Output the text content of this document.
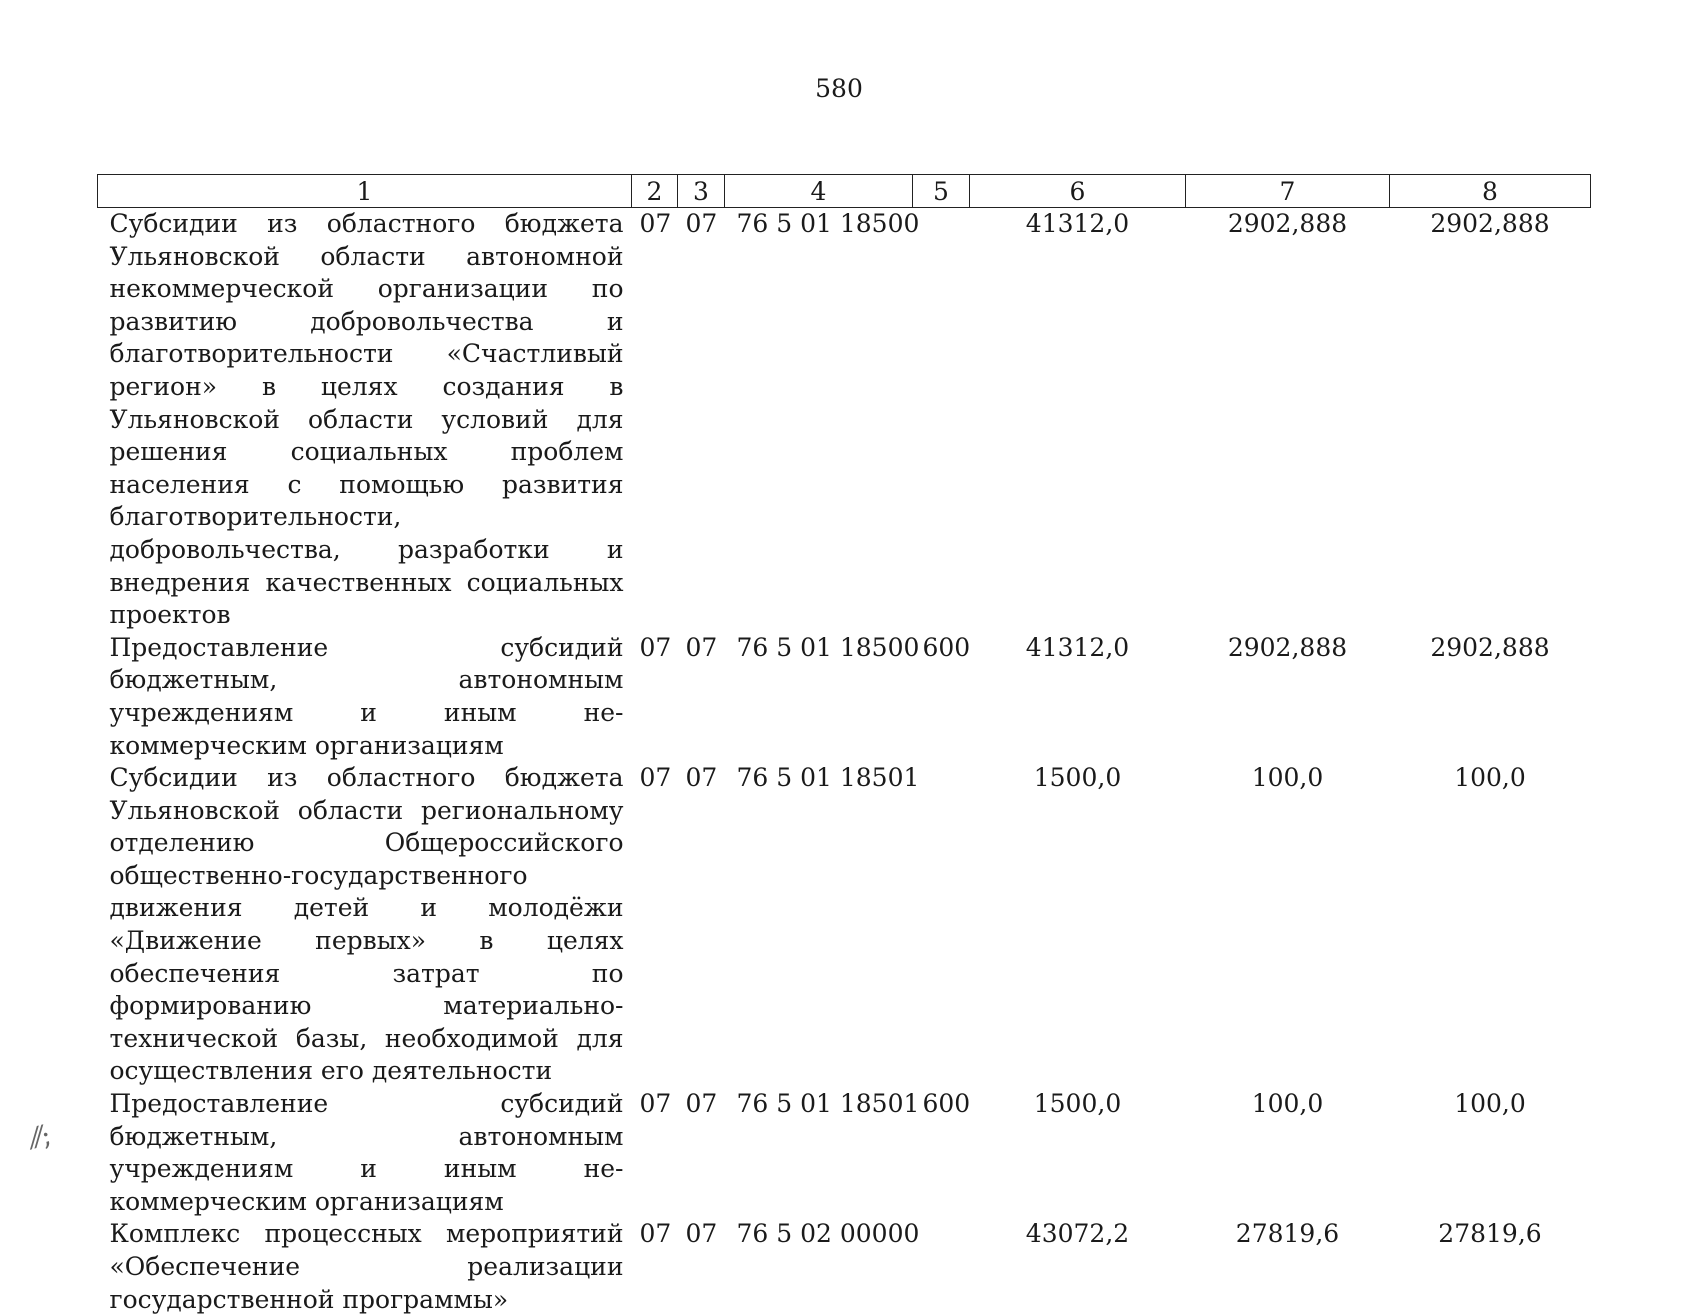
580
1	2	3	4	5	6	7	8
Субсидии из областного бюджета Ульяновской области автономной некоммерческой организации по развитию добровольчества и благотворительности «Счастливый регион» в целях создания в Ульяновской области условий для решения социальных проблем населения с помощью развития благотворительности, добровольчества, разработки и внедрения качественных социальных проектов	07	07	76 5 01 18500		41312,0	2902,888	2902,888
Предоставление субсидий бюджетным, автономным учреждениям и иным некоммерческим организациям	07	07	76 5 01 18500	600	41312,0	2902,888	2902,888
Субсидии из областного бюджета Ульяновской области региональному отделению Общероссийского общественно-государственного движения детей и молодёжи «Движение первых» в целях обеспечения затрат по формированию материально-технической базы, необходимой для осуществления его деятельности	07	07	76 5 01 18501		1500,0	100,0	100,0
Предоставление субсидий бюджетным, автономным учреждениям и иным некоммерческим организациям	07	07	76 5 01 18501	600	1500,0	100,0	100,0
Комплекс процессных мероприятий «Обеспечение реализации государственной программы»	07	07	76 5 02 00000		43072,2	27819,6	27819,6
⁄⁄;
